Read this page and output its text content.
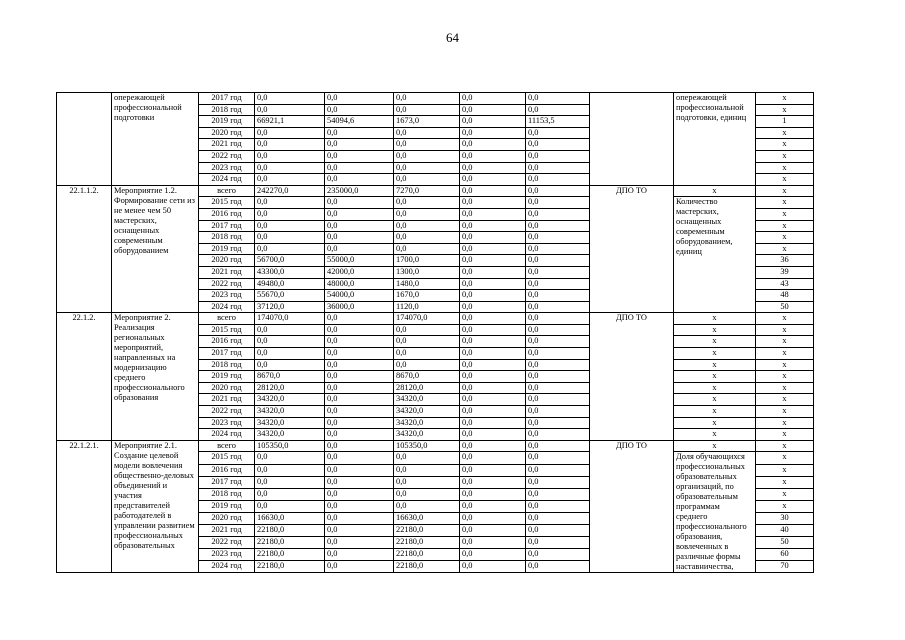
64
	опережающей профессиональной подготовки	2017 год	0,0	0,0	0,0	0,0	0,0		опережающей профессиональной подготовки, единиц	x
		2018 год	0,0	0,0	0,0	0,0	0,0			x
		2019 год	66921,1	54094,6	1673,0	0,0	11153,5			1
		2020 год	0,0	0,0	0,0	0,0	0,0			x
		2021 год	0,0	0,0	0,0	0,0	0,0			x
		2022 год	0,0	0,0	0,0	0,0	0,0			x
		2023 год	0,0	0,0	0,0	0,0	0,0			x
		2024 год	0,0	0,0	0,0	0,0	0,0			x
22.1.1.2.	Мероприятие 1.2. Формирование сети из не менее чем 50 мастерских, оснащенных современным оборудованием	всего	242270,0	235000,0	7270,0	0,0	0,0	ДПО ТО	x	x
		2015 год	0,0	0,0	0,0	0,0	0,0		Количество мастерских, оснащенных современным оборудованием, единиц	x
		2016 год	0,0	0,0	0,0	0,0	0,0			x
		2017 год	0,0	0,0	0,0	0,0	0,0			x
		2018 год	0,0	0,0	0,0	0,0	0,0			x
		2019 год	0,0	0,0	0,0	0,0	0,0			x
		2020 год	56700,0	55000,0	1700,0	0,0	0,0			36
		2021 год	43300,0	42000,0	1300,0	0,0	0,0			39
		2022 год	49480,0	48000,0	1480,0	0,0	0,0			43
		2023 год	55670,0	54000,0	1670,0	0,0	0,0			48
		2024 год	37120,0	36000,0	1120,0	0,0	0,0			50
22.1.2.	Мероприятие 2. Реализация региональных мероприятий, направленных на модернизацию среднего профессионального образования	всего	174070,0	0,0	174070,0	0,0	0,0	ДПО ТО	x	x
		2015 год	0,0	0,0	0,0	0,0	0,0		x	x
		2016 год	0,0	0,0	0,0	0,0	0,0		x	x
		2017 год	0,0	0,0	0,0	0,0	0,0		x	x
		2018 год	0,0	0,0	0,0	0,0	0,0		x	x
		2019 год	8670,0	0,0	8670,0	0,0	0,0		x	x
		2020 год	28120,0	0,0	28120,0	0,0	0,0		x	x
		2021 год	34320,0	0,0	34320,0	0,0	0,0		x	x
		2022 год	34320,0	0,0	34320,0	0,0	0,0		x	x
		2023 год	34320,0	0,0	34320,0	0,0	0,0		x	x
		2024 год	34320,0	0,0	34320,0	0,0	0,0		x	x
22.1.2.1.	Мероприятие 2.1. Создание целевой модели вовлечения общественно-деловых объединений и участия представителей работодателей в управлении развитием профессиональных образовательных	всего	105350,0	0,0	105350,0	0,0	0,0	ДПО ТО	x	x
		2015 год	0,0	0,0	0,0	0,0	0,0		Доля обучающихся профессиональных образовательных организаций, по образовательным программам среднего профессионального образования, вовлеченных в различные формы наставничества,	x
		2016 год	0,0	0,0	0,0	0,0	0,0			x
		2017 год	0,0	0,0	0,0	0,0	0,0			x
		2018 год	0,0	0,0	0,0	0,0	0,0			x
		2019 год	0,0	0,0	0,0	0,0	0,0			x
		2020 год	16630,0	0,0	16630,0	0,0	0,0			30
		2021 год	22180,0	0,0	22180,0	0,0	0,0			40
		2022 год	22180,0	0,0	22180,0	0,0	0,0			50
		2023 год	22180,0	0,0	22180,0	0,0	0,0			60
		2024 год	22180,0	0,0	22180,0	0,0	0,0			70
